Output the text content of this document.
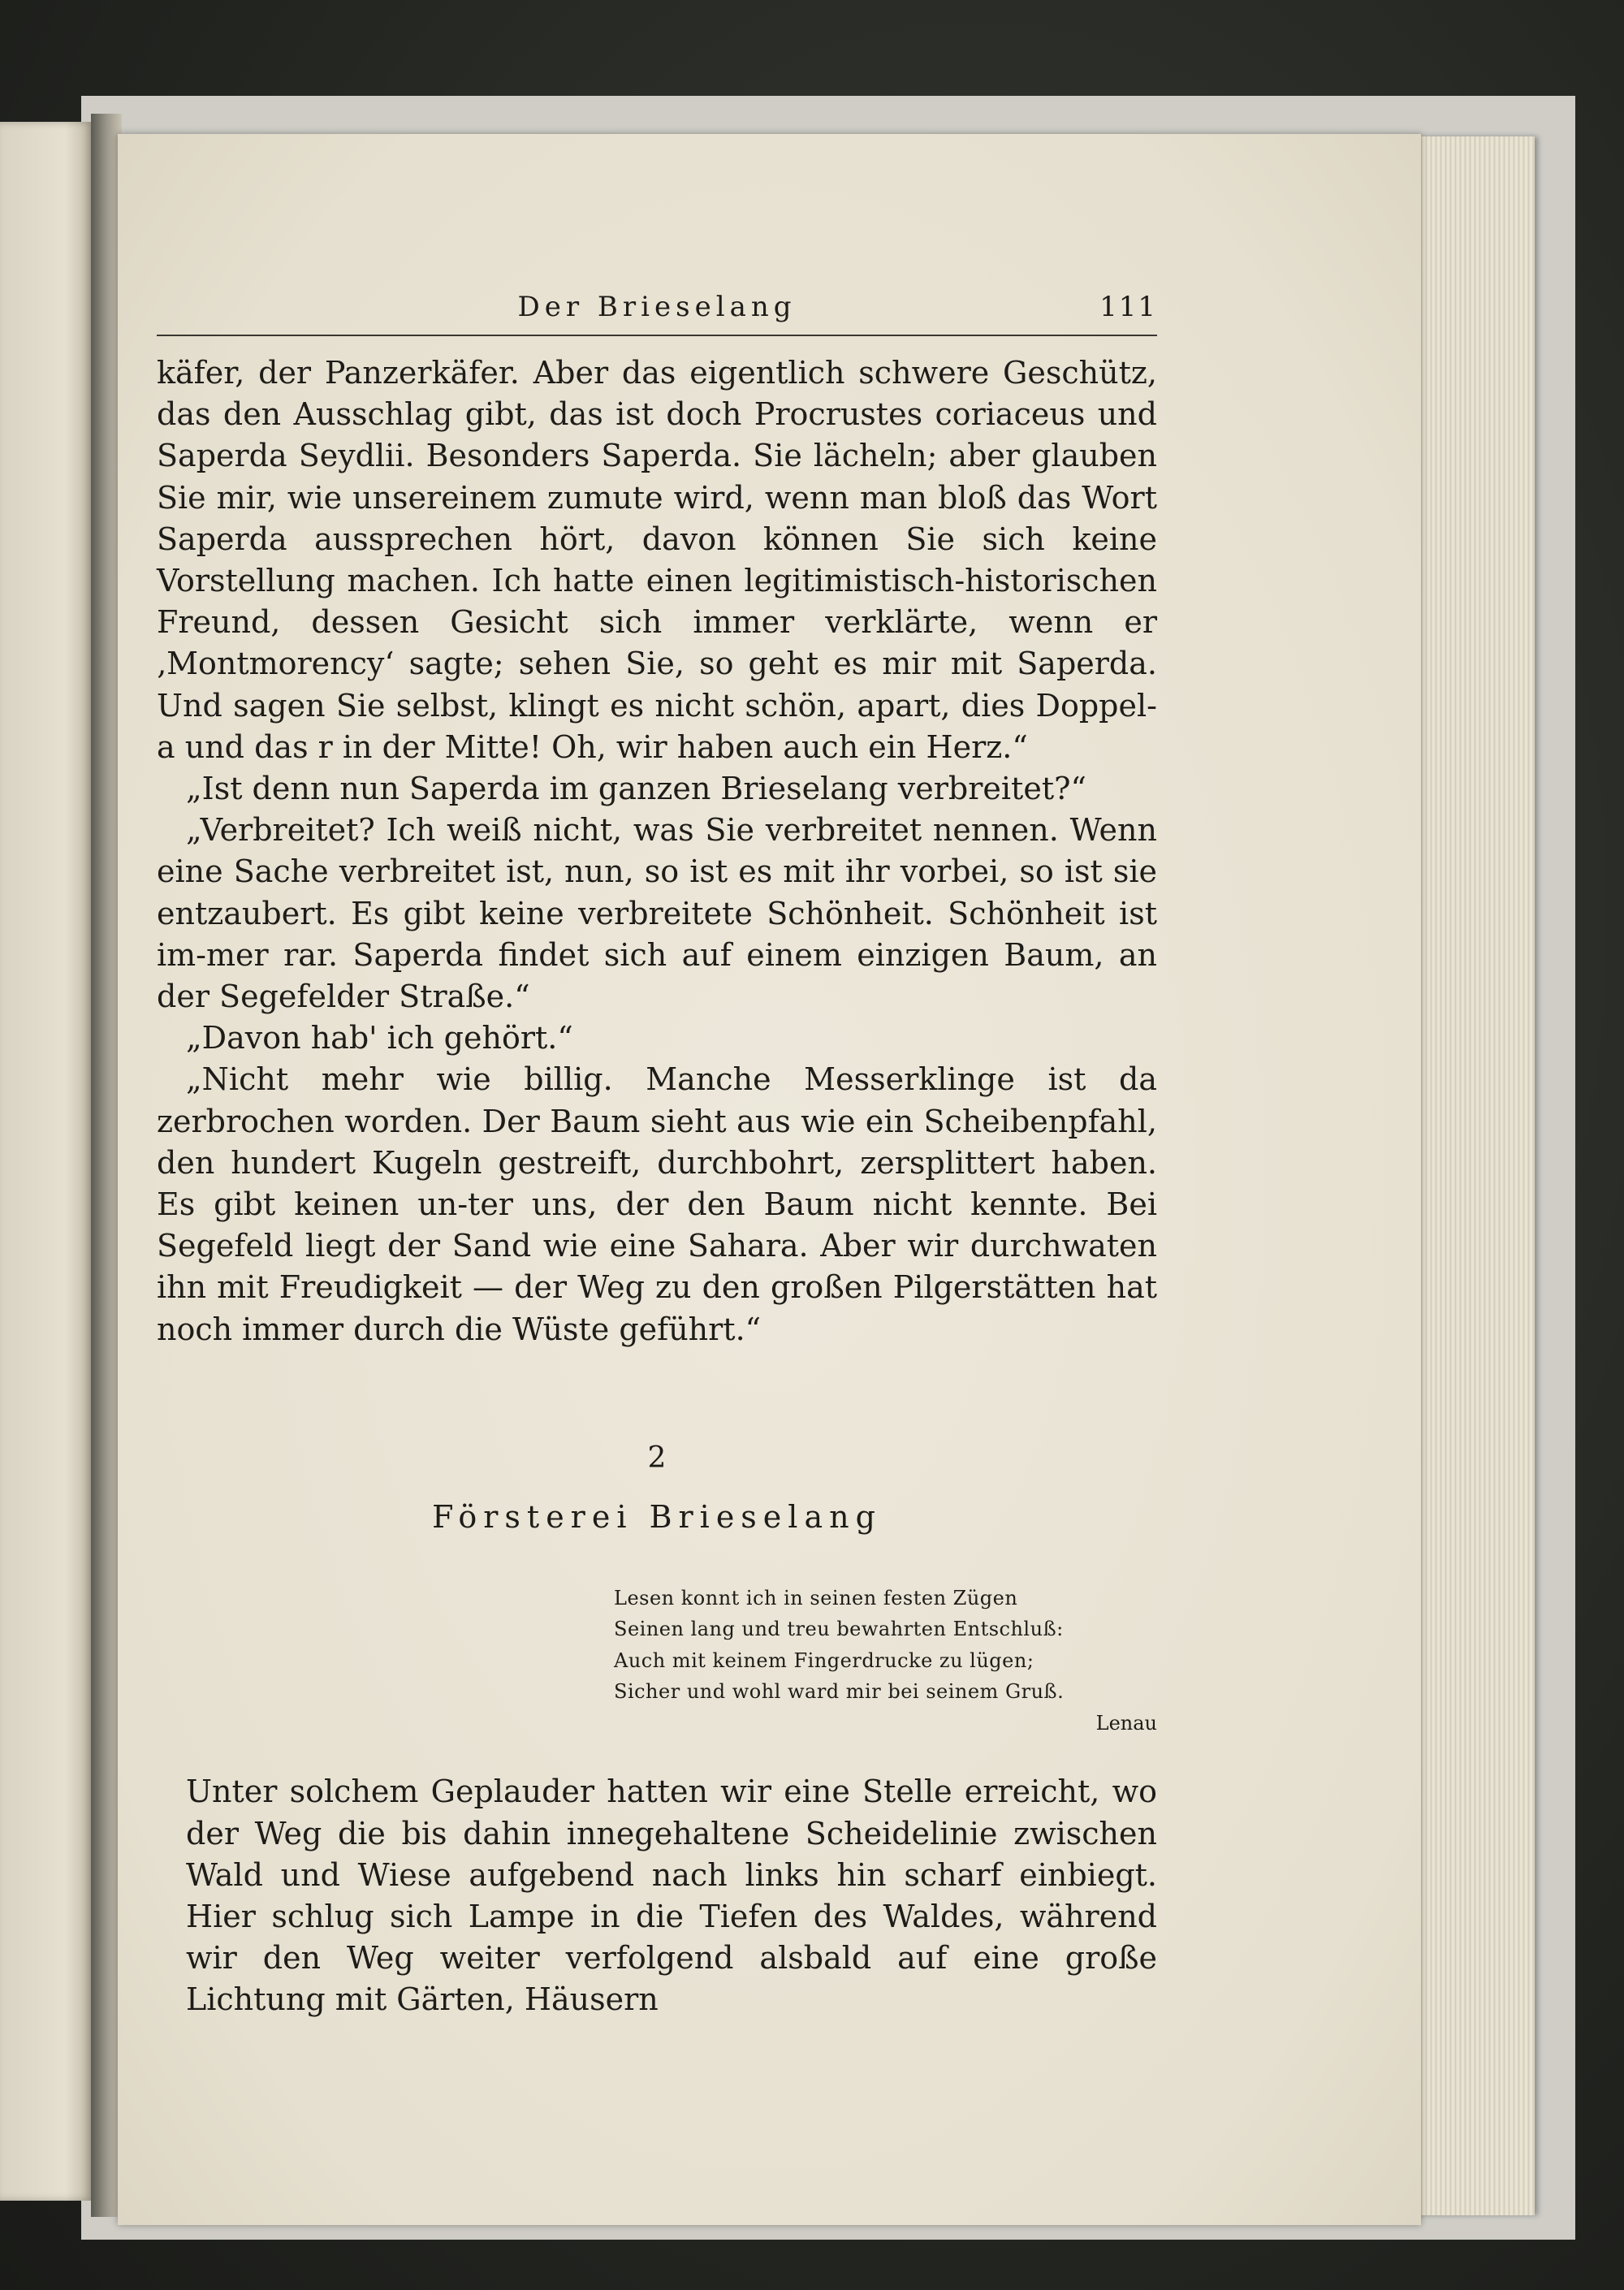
Der Brieselang	111

käfer, der Panzerkäfer. Aber das eigentlich schwere Geschütz, das den Ausschlag gibt, das ist doch Procrustes coriaceus und Saperda Seydlii. Besonders Saperda. Sie lächeln; aber glauben Sie mir, wie unsereinem zumute wird, wenn man bloß das Wort Saperda aussprechen hört, davon können Sie sich keine Vorstellung machen. Ich hatte einen legitimistisch-historischen Freund, dessen Gesicht sich immer verklärte, wenn er ‚Montmorency‘ sagte; sehen Sie, so geht es mir mit Saperda. Und sagen Sie selbst, klingt es nicht schön, apart, dies Doppel-a und das r in der Mitte! Oh, wir haben auch ein Herz.“

„Ist denn nun Saperda im ganzen Brieselang verbreitet?“

„Verbreitet? Ich weiß nicht, was Sie verbreitet nennen. Wenn eine Sache verbreitet ist, nun, so ist es mit ihr vorbei, so ist sie entzaubert. Es gibt keine verbreitete Schönheit. Schönheit ist im-mer rar. Saperda findet sich auf einem einzigen Baum, an der Segefelder Straße.“

„Davon hab' ich gehört.“

„Nicht mehr wie billig. Manche Messerklinge ist da zerbrochen worden. Der Baum sieht aus wie ein Scheibenpfahl, den hundert Kugeln gestreift, durchbohrt, zersplittert haben. Es gibt keinen un-ter uns, der den Baum nicht kennte. Bei Segefeld liegt der Sand wie eine Sahara. Aber wir durchwaten ihn mit Freudigkeit — der Weg zu den großen Pilgerstätten hat noch immer durch die Wüste geführt.“

2
Försterei Brieselang
Lesen konnt ich in seinen festen Zügen
Seinen lang und treu bewahrten Entschluß:
Auch mit keinem Fingerdrucke zu lügen;
Sicher und wohl ward mir bei seinem Gruß.
Lenau

Unter solchem Geplauder hatten wir eine Stelle erreicht, wo der Weg die bis dahin innegehaltene Scheidelinie zwischen Wald und Wiese aufgebend nach links hin scharf einbiegt. Hier schlug sich Lampe in die Tiefen des Waldes, während wir den Weg weiter verfolgend alsbald auf eine große Lichtung mit Gärten, Häusern
